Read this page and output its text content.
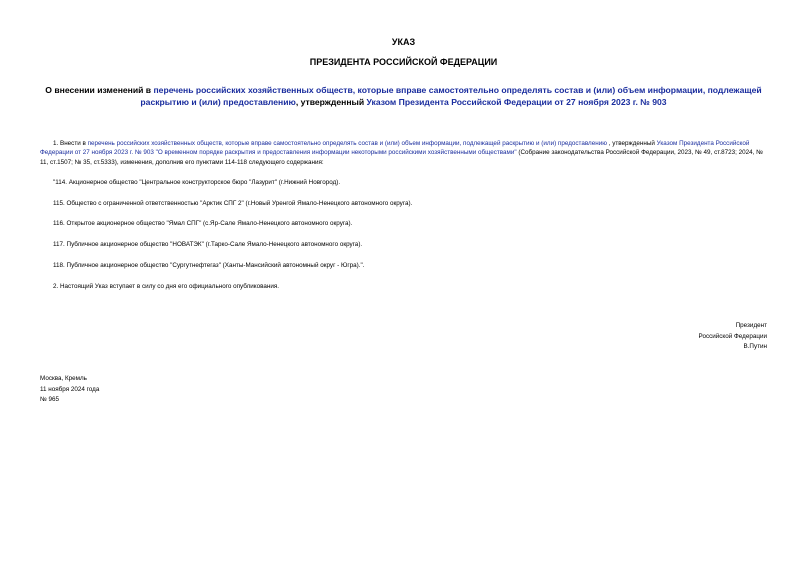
УКАЗ
ПРЕЗИДЕНТА РОССИЙСКОЙ ФЕДЕРАЦИИ
О внесении изменений в перечень российских хозяйственных обществ, которые вправе самостоятельно определять состав и (или) объем информации, подлежащей раскрытию и (или) предоставлению, утвержденный Указом Президента Российской Федерации от 27 ноября 2023 г. № 903
1. Внести в перечень российских хозяйственных обществ, которые вправе самостоятельно определять состав и (или) объем информации, подлежащей раскрытию и (или) предоставлению , утвержденный Указом Президента Российской Федерации от 27 ноября 2023 г. № 903 "О временном порядке раскрытия и предоставления информации некоторыми российскими хозяйственными обществами" (Собрание законодательства Российской Федерации, 2023, № 49, ст.8723; 2024, № 11, ст.1507; № 35, ст.5333), изменения, дополнив его пунктами 114-118 следующего содержания:
"114. Акционерное общество "Центральное конструкторское бюро "Лазурит" (г.Нижний Новгород).
115. Общество с ограниченной ответственностью "Арктик СПГ 2" (г.Новый Уренгой Ямало-Ненецкого автономного округа).
116. Открытое акционерное общество "Ямал СПГ" (с.Яр-Сале Ямало-Ненецкого автономного округа).
117. Публичное акционерное общество "НОВАТЭК" (г.Тарко-Сале Ямало-Ненецкого автономного округа).
118. Публичное акционерное общество "Сургутнефтегаз" (Ханты-Мансийский автономный округ - Югра).".
2. Настоящий Указ вступает в силу со дня его официального опубликования.
Президент
Российской Федерации
В.Путин
Москва, Кремль
11 ноября 2024 года
№ 965
